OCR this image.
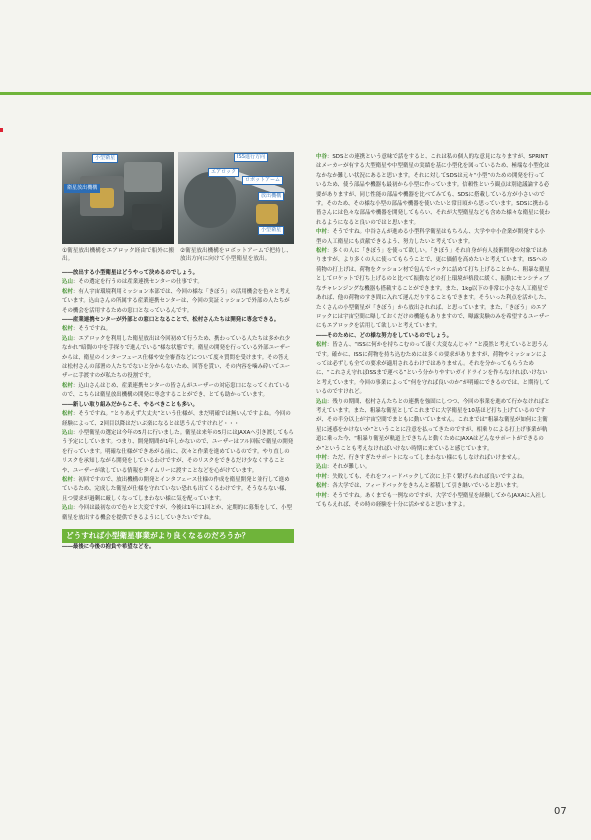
小型衛星
衛星放出機構
ISS進行方向
エアロック
ロボットアーム
放出機構
小型衛星
①衛星放出機構をエアロック経由で船外に搬出。
②衛星放出機構をロボットアームで把持し、放出方向に向けて小型衛星を放出。

――放出する小型衛星はどうやって決めるのでしょう。

込山：その選定を行うのは産業連携センターの仕事です。

松村：有人宇宙環境利用ミッション本部では、今回の様な「きぼう」の活用機会を色々と考えています。込山さんの所属する産業連携センターは、今回の実証ミッションで外部の人たちがその機会を活用するための窓口となっているんです。

――産業連携センターが外部との窓口となることで、松村さんたちは開発に専念できる。

松村：そうですね。

込山：エアロックを利用した衛星放出は今回初めて行うため、携わっている人たちは多かれ少なかれ“暗闇の中を手探りで進んでいる”様な状態です。衛星の開発を行っている外部ユーザーからは、衛星のインターフェース仕様や安全審査などについて度々質問を受けます。その答えは松村さんの部署の人たちでないと分からないため、回答を貰い、その内容を噛み砕いてユーザーに手渡すのが私たちの役割です。

松村：込山さんはじめ、産業連携センターの皆さんがユーザーの対応窓口になってくれているので、こちらは衛星放出機構の開発に専念することができ、とても助かっています。

――新しい取り組みだからこそ、やるべきことも多い。

松村：そうですね。“とりあえず大丈夫”という仕様が、まだ明確では無いんですよね。今回の経験によって、2回目以降はだいぶ楽になるとは思うんですけれど・・・

込山：小型衛星の選定は今年の5月に行いました。衛星は来年の5月にはJAXAへ引き渡してもらう予定にしています。つまり、開発期間が1年しかないので、ユーザーはフル回転で衛星の開発を行っています。明確な仕様ができあがる前に、次々と作業を進めているのです。やり直しのリスクを承知しながら開発をしているわけですが、そのリスクをできるだけ少なくすることや、ユーザーが欲している情報をタイムリーに渡すことなどを心がけています。

松村：初回ですので、放出機構の開発とインタフェース仕様の作成を衛星開発と並行して進めているため、完成した衛星が仕様を守れていない恐れも出てくるわけです。そうならない様、且つ要求が過剰に厳しくなってしまわない様に気を配っています。

込山：今回は最初なので色々と大変ですが、今後は1年に1回とか、定期的に募集をして、小型衛星を放出する機会を提供できるようにしていきたいですね。

どうすれば小型衛星事業がより良くなるのだろうか？

――最後に今後の抱負や希望などを。

中谷：SDSとの連携という意味で話をすると、これは私の個人的な意見になりますが、SPRINTはメーカーが有する大型衛星や中型衛星の実績を基に小型化を図っているため、極端な小型化はなかなか難しい状況にあると思います。それに対してSDSは元々“小型”のための開発を行っているため、使う部品や機器も最初から小型に作っています。信頼性という観点は別途議論する必要がありますが、同じ性能の部品や機器を比べてみても、SDSに搭載している方が小さいのです。そのため、その様な小型の部品や機器を使いたいと常日頃から思っています。SDSに携わる皆さんには色々な部品や機器を開発してもらい、それが大型衛星なども含めた様々な衛星に使われるようになると良いのではと思います。

中村：そうですね。中谷さんが進める小型科学衛星はもちろん、大学や中小企業が開発する小型の人工衛星にも貢献できるよう、努力したいと考えています。

松村：多くの人に「きぼう」を使って欲しい。「きぼう」それ自身が有人技術開発の対象ではありますが、より多くの人に使ってもらうことで、更に価値を高めたいと考えています。ISSへの荷物の打上げは、荷物をクッション材で包んでバックに詰めて打ち上げることから、粗暴な衛星としてロケットで打ち上げるのと比べて振動などの打上環境が格段に緩く、振動にセンシティブなチャレンジングな機器も搭載することができます。また、1kg以下の非常に小さな人工衛星であれば、他の荷物のすき間に入れて運んだりすることもできます。そういった利点を活かした、たくさんの小型衛星が「きぼう」から放出されれば、と思っています。また、「きぼう」のエアロックには宇宙空間に曝しておくだけの機能もありますので、曝露実験のみを希望するユーザーにもエアロックを活用して欲しいと考えています。

――そのために、どの様な努力をしているのでしょう。

松村：皆さん、“ISSに何かを持ちこむのって凄く大変なんじゃ？”と漠然と考えていると思うんです。確かに、ISSに荷物を持ち込むためには多くの要求がありますが、荷物やミッションによっては必ずしも全ての要求が適用されるわけではありません。それを分かってもらうために、“これさえ守ればISSまで運べる”という分かりやすいガイドラインを作らなければいけないと考えています。今回の事業によって“何を守れば良いのか”が明確にできるのでは、と期待しているのですけれど。

込山：残りの期間、松村さんたちとの連携を強固にしつつ、今回の事業を進めて行かなければと考えています。また、粗暴な衛星としてこれまでに大学衛星を10基ほど打ち上げているのですが、その半分以上が宇宙空間でまともに動いていません。これまでは“粗暴な衛星が如何に主衛星に迷惑をかけないか”ということに注意を払ってきたのですが、相乗りによる打上げ事業が軌道に乗った今、“粗暴り衛星が軌道上できちんと動くためにJAXAはどんなサポートができるのか”ということも考えなければいけない時期に来ていると感じています。

中村：ただ、行きすぎたサポートになってしまわない様にもしなければいけません。

込山：それが難しい。

中村：失敗しても、それをフィードバックして次に上手く繋げられれば良いですよね。

松村：各大学では、フィードバックをきちんと蓄積して引き継いでいると思います。

中村：そうですね。あくまでも一例なのですが、大学で小型衛星を経験してからJAXAに入社してもらえれば、その時の経験を十分に活かせると思いますよ。

07
